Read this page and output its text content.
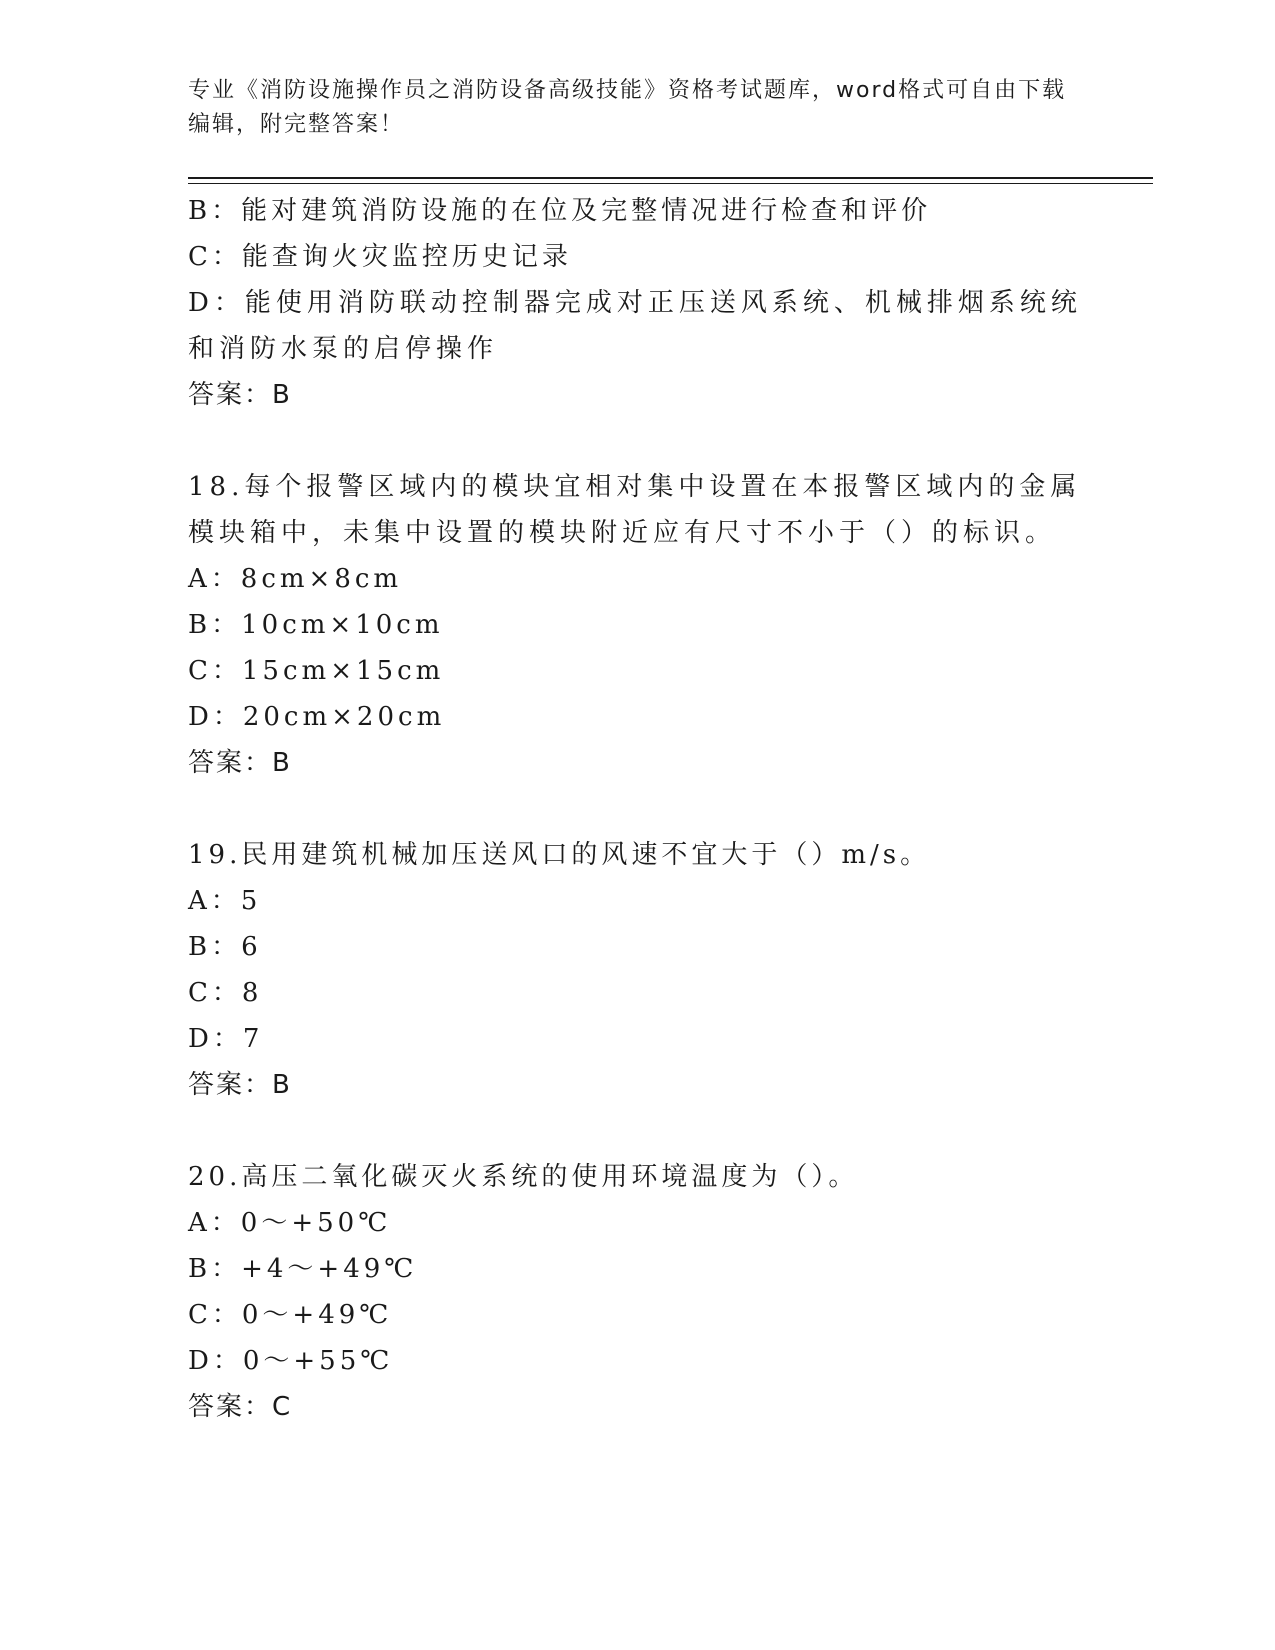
专业《消防设施操作员之消防设备高级技能》资格考试题库，word格式可自由下载编辑，附完整答案！
B：能对建筑消防设施的在位及完整情况进行检查和评价
C：能查询火灾监控历史记录
D：能使用消防联动控制器完成对正压送风系统、机械排烟系统统和消防水泵的启停操作
答案：B
18.每个报警区域内的模块宜相对集中设置在本报警区域内的金属模块箱中，未集中设置的模块附近应有尺寸不小于（）的标识。
A：8cm×8cm
B：10cm×10cm
C：15cm×15cm
D：20cm×20cm
答案：B
19.民用建筑机械加压送风口的风速不宜大于（）m/s。
A：5
B：6
C：8
D：7
答案：B
20.高压二氧化碳灭火系统的使用环境温度为（）。
A：0～+50℃
B：+4～+49℃
C：0～+49℃
D：0～+55℃
答案：C
